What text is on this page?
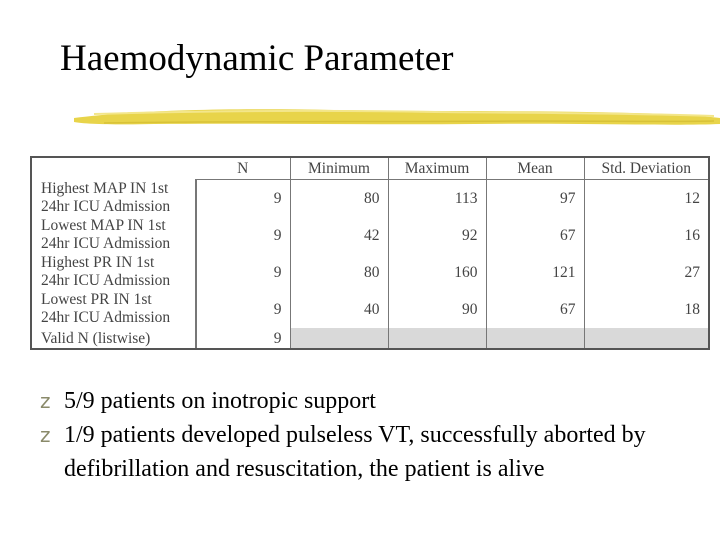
Haemodynamic Parameter
	N	Minimum	Maximum	Mean	Std. Deviation

Highest MAP IN 1st
24hr ICU Admission	9	80	113	97	12

Lowest MAP IN 1st
24hr ICU Admission	9	42	92	67	16

Highest PR IN 1st
24hr ICU Admission	9	80	160	121	27

Lowest PR IN 1st
24hr ICU Admission	9	40	90	67	18
Valid N (listwise)	9				
z 5/9 patients on inotropic support
z 1/9 patients developed pulseless VT, successfully aborted by defibrillation and resuscitation, the patient is alive
